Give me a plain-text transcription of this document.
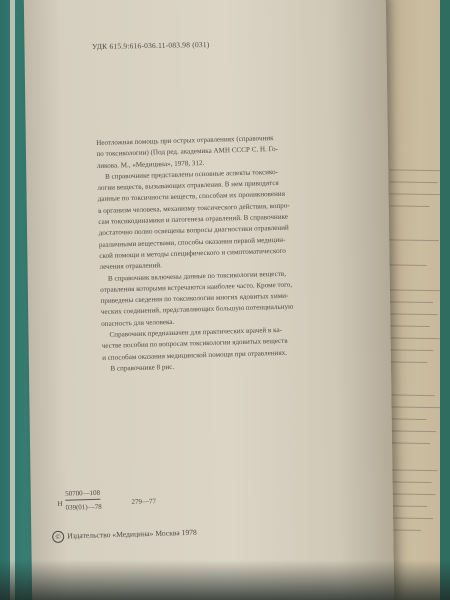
УДК 615.9:616-036.11-083.98 (031)

Неотложная помощь при острых отравлениях (справочник
по токсикологии) (Под ред. академика АМН СССР С. Н. Го-
ликова. М., «Медицина», 1978, 312.

В справочнике представлены основные аспекты токсико-
логии веществ, вызывающих отравления. В нем приводятся
данные по токсичности веществ, способам их проникновения
в организм человека, механизму токсического действия, вопро-
сам токсикодинамики и патогенеза отравлений. В справочнике
достаточно полно освещены вопросы диагностики отравлений
различными веществами, способы оказания первой медицин-
ской помощи и методы специфического и симптоматического
лечения отравлений.

В справочник включены данные по токсикологии веществ,
отравления которыми встречаются наиболее часто. Кроме того,
приведены сведения по токсикологии многих ядовитых хими-
ческих соединений, представляющих большую потенциальную
опасность для человека.

Справочник предназначен для практических врачей в ка-
честве пособия по вопросам токсикологии ядовитых веществ
и способам оказания медицинской помощи при отравлениях.

В справочнике 8 рис.

Н
50700—108
039(01)—78
279—77
© Издательство «Медицина» Москва 1978
